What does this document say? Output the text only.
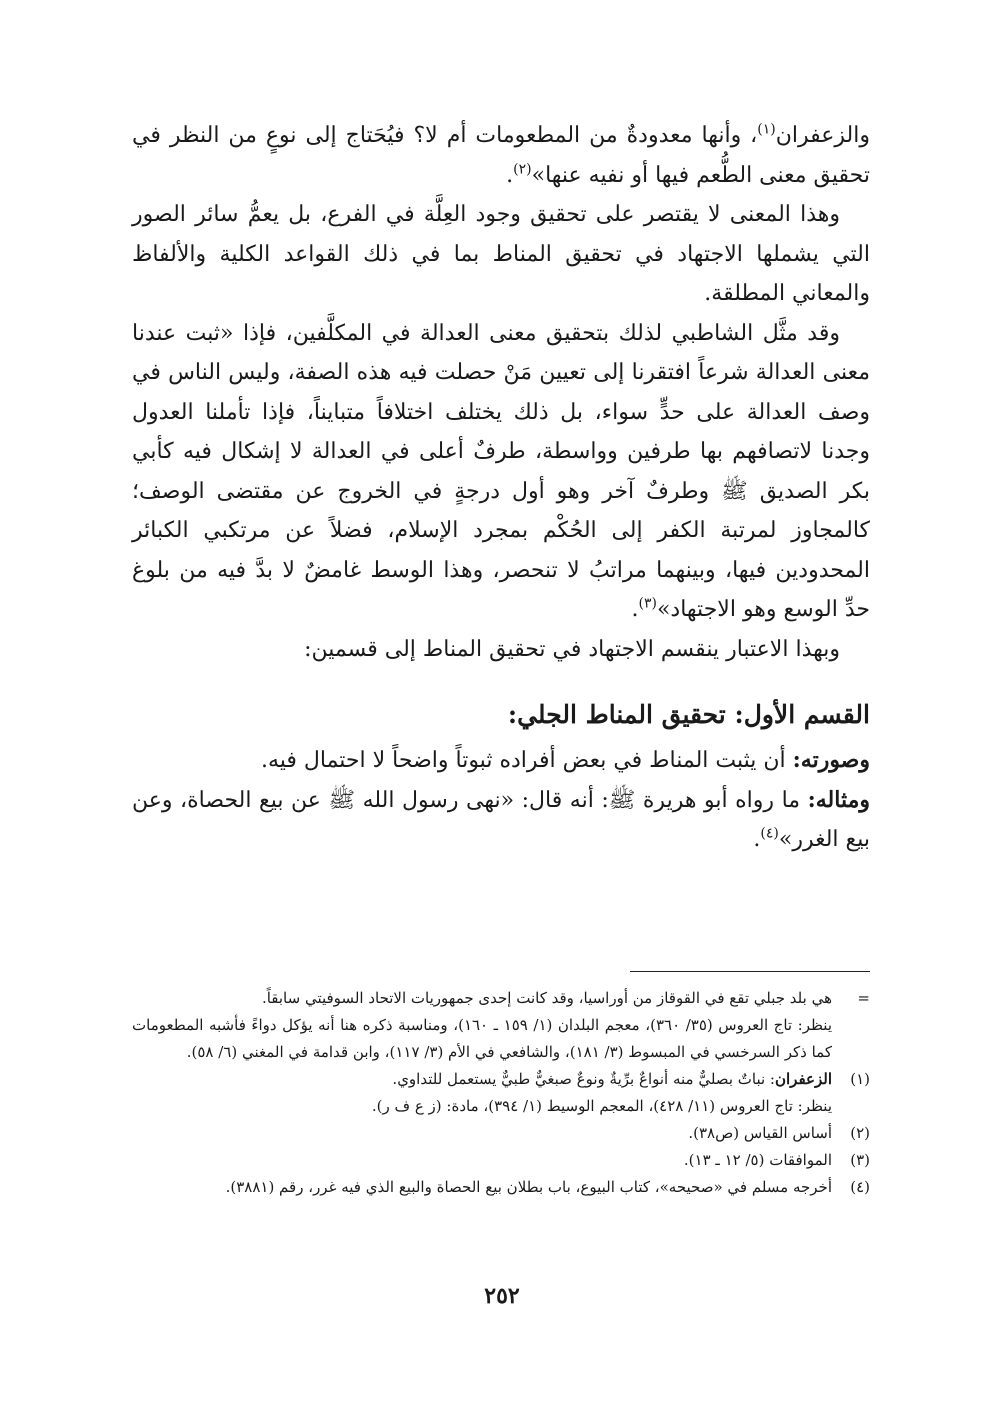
والزعفران$^{(١)}$، وأنها معدودةٌ من المطعومات أم لا؟ فيُحَتاج إلى نوعٍ من النظر في تحقيق معنى الطُّعم فيها أو نفيه عنها»$^{(٢)}$.

وهذا المعنى لا يقتصر على تحقيق وجود العِلَّة في الفرع، بل يعمُّ سائر الصور التي يشملها الاجتهاد في تحقيق المناط بما في ذلك القواعد الكلية والألفاظ والمعاني المطلقة.

وقد مثَّل الشاطبي لذلك بتحقيق معنى العدالة في المكلَّفين، فإذا «ثبت عندنا معنى العدالة شرعاً افتقرنا إلى تعيين مَنْ حصلت فيه هذه الصفة، وليس الناس في وصف العدالة على حدٍّ سواء، بل ذلك يختلف اختلافاً متبايناً، فإذا تأملنا العدول وجدنا لاتصافهم بها طرفين وواسطة، طرفٌ أعلى في العدالة لا إشكال فيه كأبي بكر الصديق ﷺ وطرفٌ آخر وهو أول درجةٍ في الخروج عن مقتضى الوصف؛ كالمجاوز لمرتبة الكفر إلى الحُكْم بمجرد الإسلام، فضلاً عن مرتكبي الكبائر المحدودين فيها، وبينهما مراتبُ لا تنحصر، وهذا الوسط غامضٌ لا بدَّ فيه من بلوغ حدِّ الوسع وهو الاجتهاد»$^{(٣)}$.

وبهذا الاعتبار ينقسم الاجتهاد في تحقيق المناط إلى قسمين:

القسم الأول: تحقيق المناط الجلي:

وصورته: أن يثبت المناط في بعض أفراده ثبوتاً واضحاً لا احتمال فيه.

ومثاله: ما رواه أبو هريرة ﷺ: أنه قال: «نهى رسول الله ﷺ عن بيع الحصاة، وعن بيع الغرر»$^{(٤)}$.

=
هي بلد جبلي تقع في القوقاز من أوراسيا، وقد كانت إحدى جمهوريات الاتحاد السوفيتي سابقاً.
ينظر: تاج العروس (٣٥/ ٣٦٠)، معجم البلدان (١/ ١٥٩ ـ ١٦٠)، ومناسبة ذكره هنا أنه يؤكل دواءً فأشبه المطعومات كما ذكر السرخسي في المبسوط (٣/ ١٨١)، والشافعي في الأم (٣/ ١١٧)، وابن قدامة في المغني (٦/ ٥٨).
(١)
الزعفران: نباتٌ بصليٌّ منه أنواعٌ برِّيةٌ ونوعٌ صبغيٌّ طبيٌّ يستعمل للتداوي.
ينظر: تاج العروس (١١/ ٤٢٨)، المعجم الوسيط (١/ ٣٩٤)، مادة: (ز ع ف ر).
(٢)
أساس القياس (ص٣٨).
(٣)
الموافقات (٥/ ١٢ ـ ١٣).
(٤)
أخرجه مسلم في «صحيحه»، كتاب البيوع، باب بطلان بيع الحصاة والبيع الذي فيه غرر، رقم (٣٨٨١).
٢٥٢
